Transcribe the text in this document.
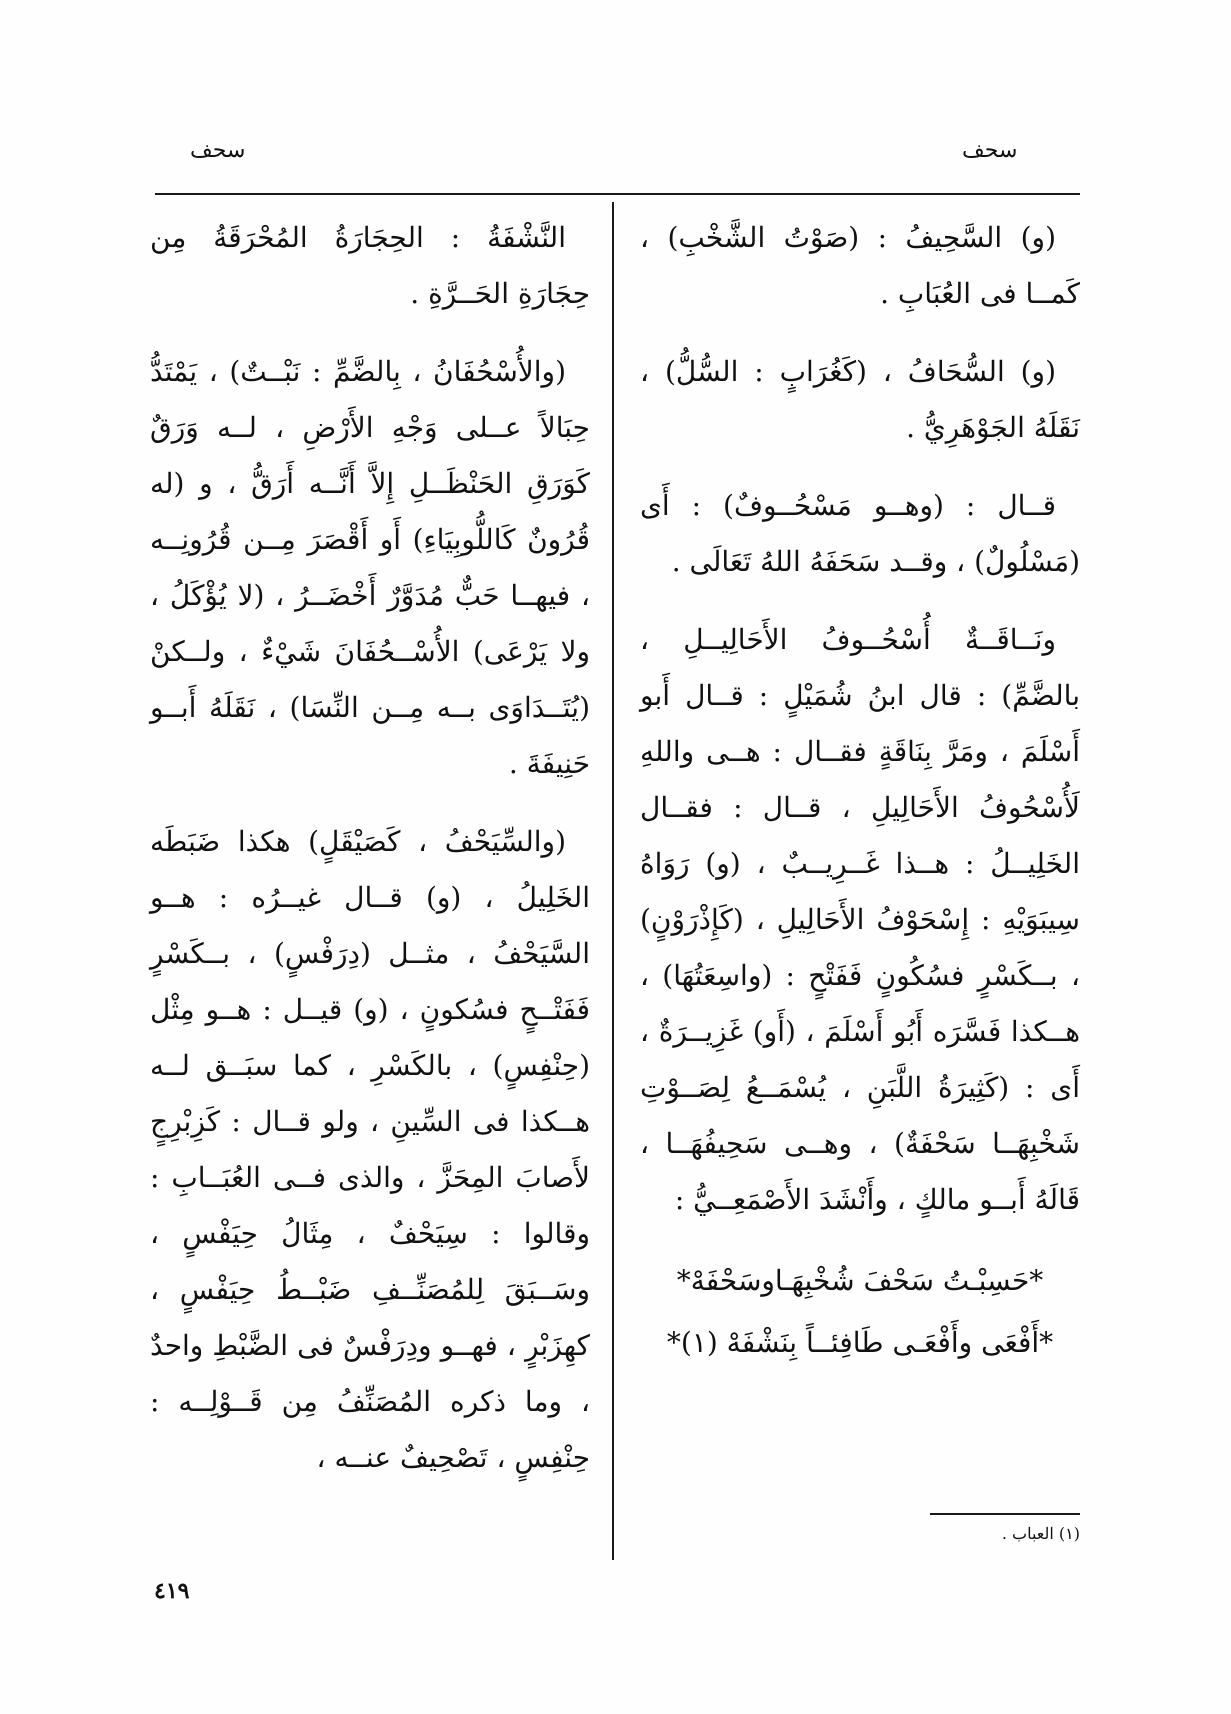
سحف
سحف

(و) السَّحِيفُ : (صَوْتُ الشَّخْبِ) ، كَمــا فى العُبَابِ .

(و) السُّحَافُ ، (كَغُرَابٍ : السُّلُّ) ، نَقَلَهُ الجَوْهَرِيُّ .

قــال : (وهــو مَسْحُــوفٌ) : أَى (مَسْلُولٌ) ، وقــد سَحَفَهُ اللهُ تَعَالَى .

ونَــاقَــةٌ أُسْحُــوفُ الأَحَالِيــلِ ، بالضَّمِّ) : قال ابنُ شُمَيْلٍ : قــال أَبو أَسْلَمَ ، ومَرَّ بِنَاقَةٍ فقــال : هــى واللهِ لَأُسْحُوفُ الأَحَالِيلِ ، قــال : فقــال الخَلِيــلُ : هــذا غَــرِيــبٌ ، (و) رَوَاهُ سِيبَوَيْهِ : إِسْحَوْفُ الأَحَالِيلِ ، (كَإِذْرَوْنٍ) ، بــكَسْرٍ فسُكُونٍ فَفَتْحٍ : (واسِعَتُهَا) ، هــكذا فَسَّرَه أَبُو أَسْلَمَ ، (أَو) غَزِيــرَةٌ ، أَى : (كَثِيرَةُ اللَّبَنِ ، يُسْمَــعُ لِصَــوْتِ شَخْبِهَــا سَحْفَةٌ) ، وهــى سَحِيفُهَــا ، قَالَهُ أَبــو مالكٍ ، وأَنْشَدَ الأَصْمَعِــيُّ :

*حَسِبْـتُ سَحْفَ شُخْبِهَـاوسَحْفَهْ*

*أَفْعَى وأَفْعَـى طَافِئــاً بِنَشْفَهْ (١)*

النَّشْفَةُ : الحِجَارَةُ المُحْرَقَةُ مِن حِجَارَةِ الحَــرَّةِ .

(والأُسْحُفَانُ ، بِالضَّمِّ : نَبْــتٌ) ، يَمْتَدُّ حِبَالاً عــلى وَجْهِ الأَرْضِ ، لــه وَرَقٌ كَوَرَقِ الحَنْظَــلِ إِلاَّ أَنَّــه أَرَقُّ ، و (له قُرُونٌ كَاللُّوبِيَاءِ) أَو أَقْصَرَ مِــن قُرُونِــه ، فيهــا حَبٌّ مُدَوَّرٌ أَخْضَــرُ ، (لا يُؤْكَلُ ، ولا يَرْعَى) الأُسْــحُفَانَ شَيْءٌ ، ولــكنْ (يُتَــدَاوَى بــه مِــن النِّسَا) ، نَقَلَهُ أَبــو حَنِيفَةَ .

(والسِّيَحْفُ ، كَصَيْقَلٍ) هكذا ضَبَطَه الخَلِيلُ ، (و) قــال غيــرُه : هــو السَّيَحْفُ ، مثــل (دِرَفْسٍ) ، بــكَسْرٍ فَفَتْــحٍ فسُكونٍ ، (و) قيــل : هــو مِثْل (حِنْفِسٍ) ، بالكَسْرِ ، كما سبَــق لــه هــكذا فى السِّينِ ، ولو قــال : كَزِبْرِجٍ لأَصابَ المِحَزَّ ، والذى فــى العُبَــابِ : وقالوا : سِيَحْفٌ ، مِثَالُ حِيَفْسٍ ، وسَــبَقَ لِلمُصَنِّــفِ ضَبْــطُ حِيَفْسٍ ، كهِزَبْرٍ ، فهــو ودِرَفْسٌ فى الضَّبْطِ واحدٌ ، وما ذكره المُصَنِّفُ مِن قَــوْلِــه : حِنْفِسٍ ، تَصْحِيفٌ عنــه ،

(١) العباب .
٤١٩
